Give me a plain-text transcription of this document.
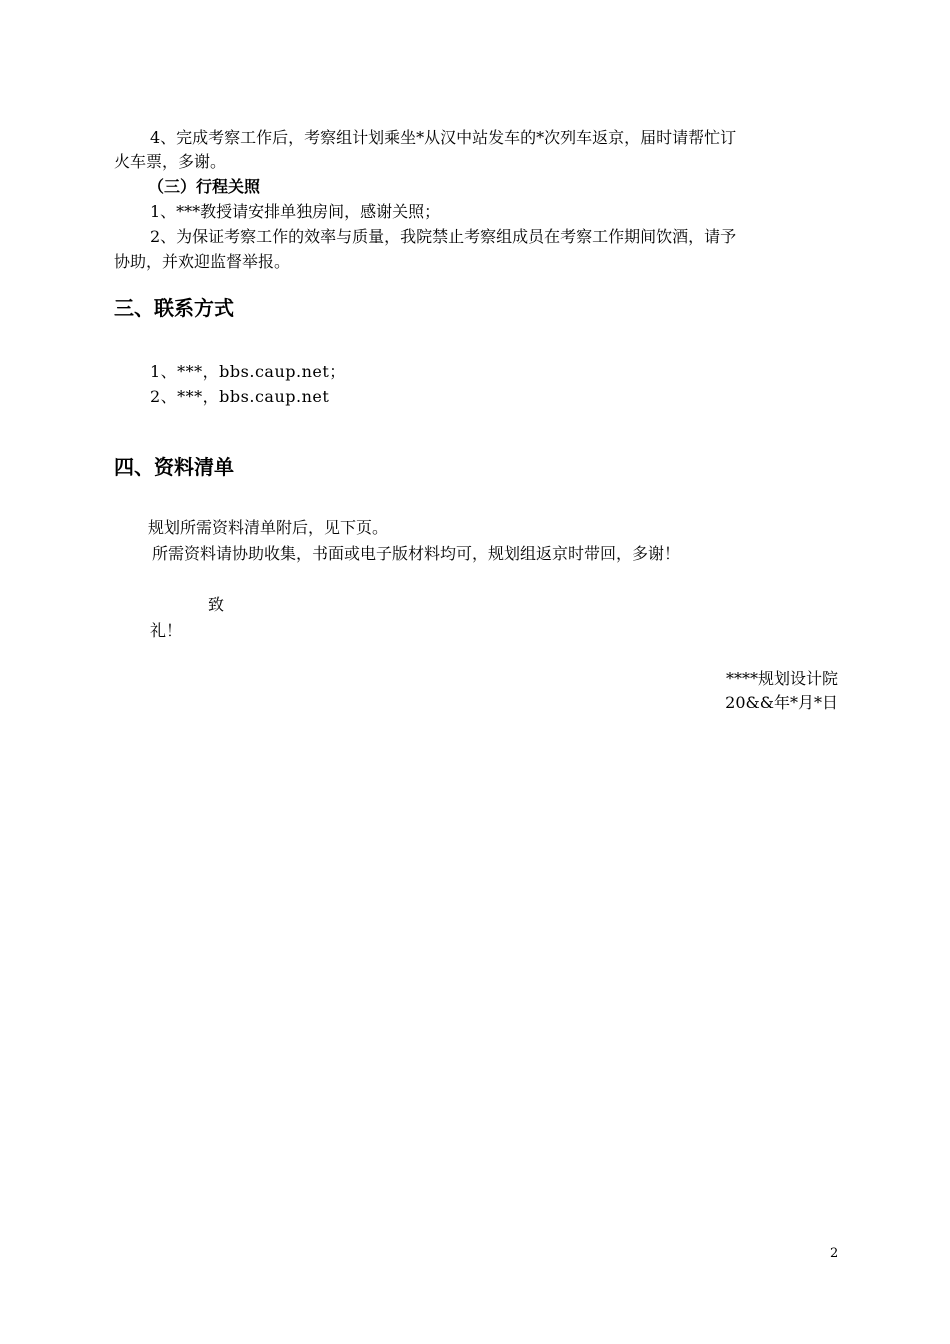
4、完成考察工作后，考察组计划乘坐*从汉中站发车的*次列车返京，届时请帮忙订
火车票，多谢。
（三）行程关照
1、***教授请安排单独房间，感谢关照；
2、为保证考察工作的效率与质量，我院禁止考察组成员在考察工作期间饮酒，请予
协助，并欢迎监督举报。
三、联系方式
1、***，bbs.caup.net；
2、***，bbs.caup.net
四、资料清单
规划所需资料清单附后，见下页。
所需资料请协助收集，书面或电子版材料均可，规划组返京时带回，多谢！
致
礼！
****规划设计院
20&&年*月*日
2
